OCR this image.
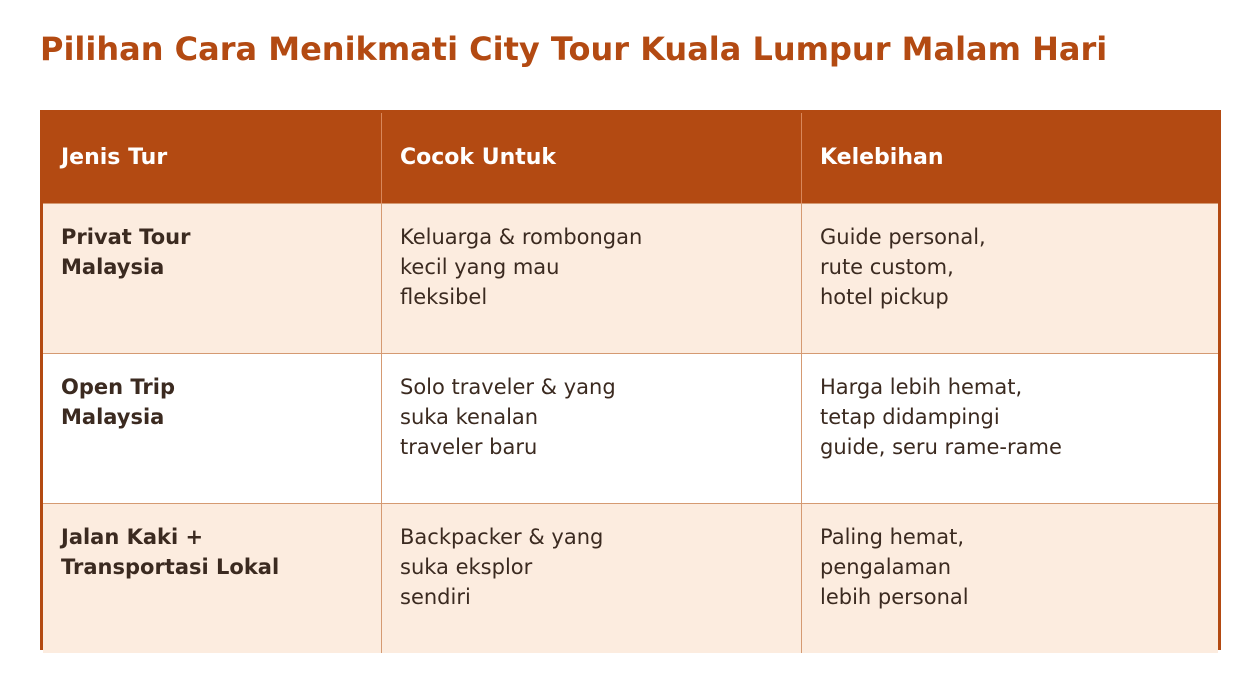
Pilihan Cara Menikmati City Tour Kuala Lumpur Malam Hari
Jenis Tur	Cocok Untuk	Kelebihan
Privat Tour
Malaysia
Keluarga & rombongan
kecil yang mau
fleksibel
Guide personal,
rute custom,
hotel pickup
Open Trip
Malaysia
Solo traveler & yang
suka kenalan
traveler baru
Harga lebih hemat,
tetap didampingi
guide, seru rame-rame
Jalan Kaki +
Transportasi Lokal
Backpacker & yang
suka eksplor
sendiri
Paling hemat,
pengalaman
lebih personal
